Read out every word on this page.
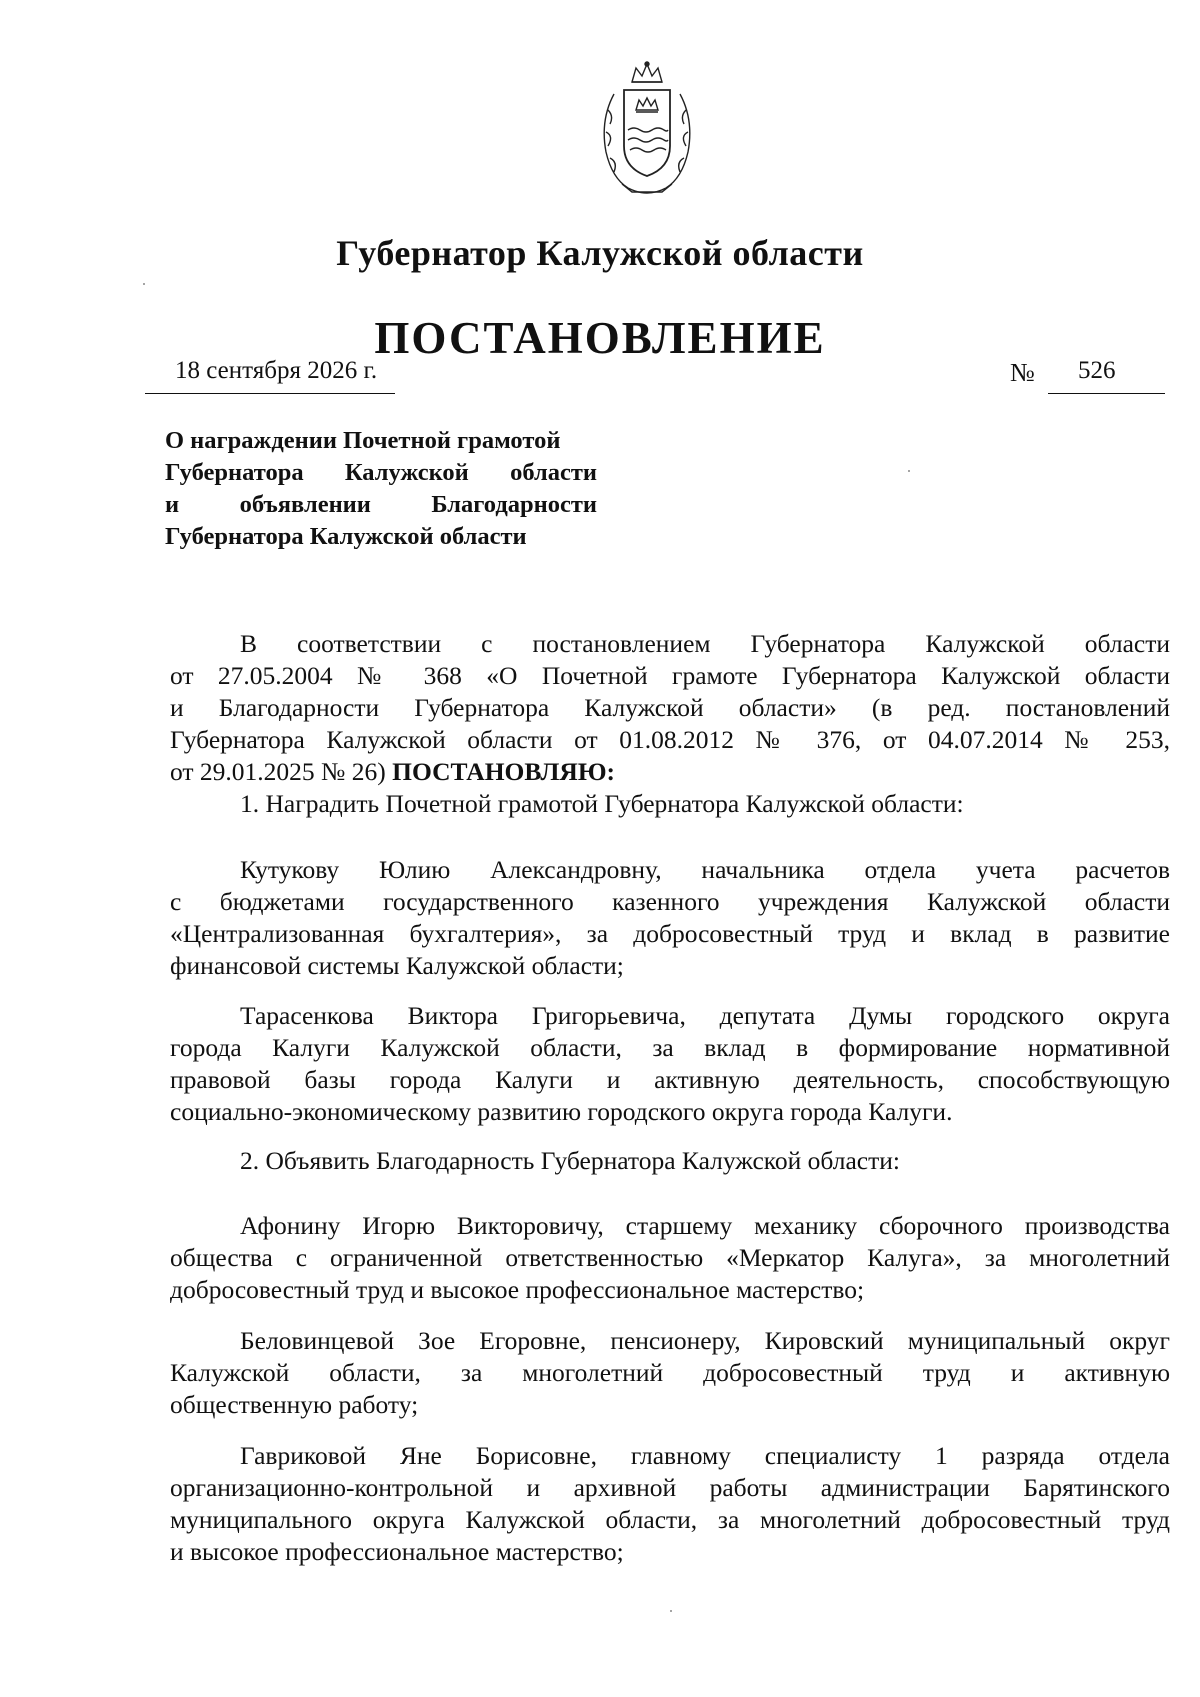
Губернатор Калужской области
ПОСТАНОВЛЕНИЕ
18 сентября 2026 г.	№ 526
О награждении Почетной грамотой
Губернатора Калужской области
и объявлении Благодарности
Губернатора Калужской области
В соответствии с постановлением Губернатора Калужской области
от 27.05.2004 № 368 «О Почетной грамоте Губернатора Калужской области
и Благодарности Губернатора Калужской области» (в ред. постановлений
Губернатора Калужской области от 01.08.2012 № 376, от 04.07.2014 № 253,
от 29.01.2025 № 26) ПОСТАНОВЛЯЮ:
1. Наградить Почетной грамотой Губернатора Калужской области:
Кутукову Юлию Александровну, начальника отдела учета расчетов
с бюджетами государственного казенного учреждения Калужской области
«Централизованная бухгалтерия», за добросовестный труд и вклад в развитие
финансовой системы Калужской области;
Тарасенкова Виктора Григорьевича, депутата Думы городского округа
города Калуги Калужской области, за вклад в формирование нормативной
правовой базы города Калуги и активную деятельность, способствующую
социально-экономическому развитию городского округа города Калуги.
2. Объявить Благодарность Губернатора Калужской области:
Афонину Игорю Викторовичу, старшему механику сборочного производства
общества с ограниченной ответственностью «Меркатор Калуга», за многолетний
добросовестный труд и высокое профессиональное мастерство;
Беловинцевой Зое Егоровне, пенсионеру, Кировский муниципальный округ
Калужской области, за многолетний добросовестный труд и активную
общественную работу;
Гавриковой Яне Борисовне, главному специалисту 1 разряда отдела
организационно-контрольной и архивной работы администрации Барятинского
муниципального округа Калужской области, за многолетний добросовестный труд
и высокое профессиональное мастерство;
